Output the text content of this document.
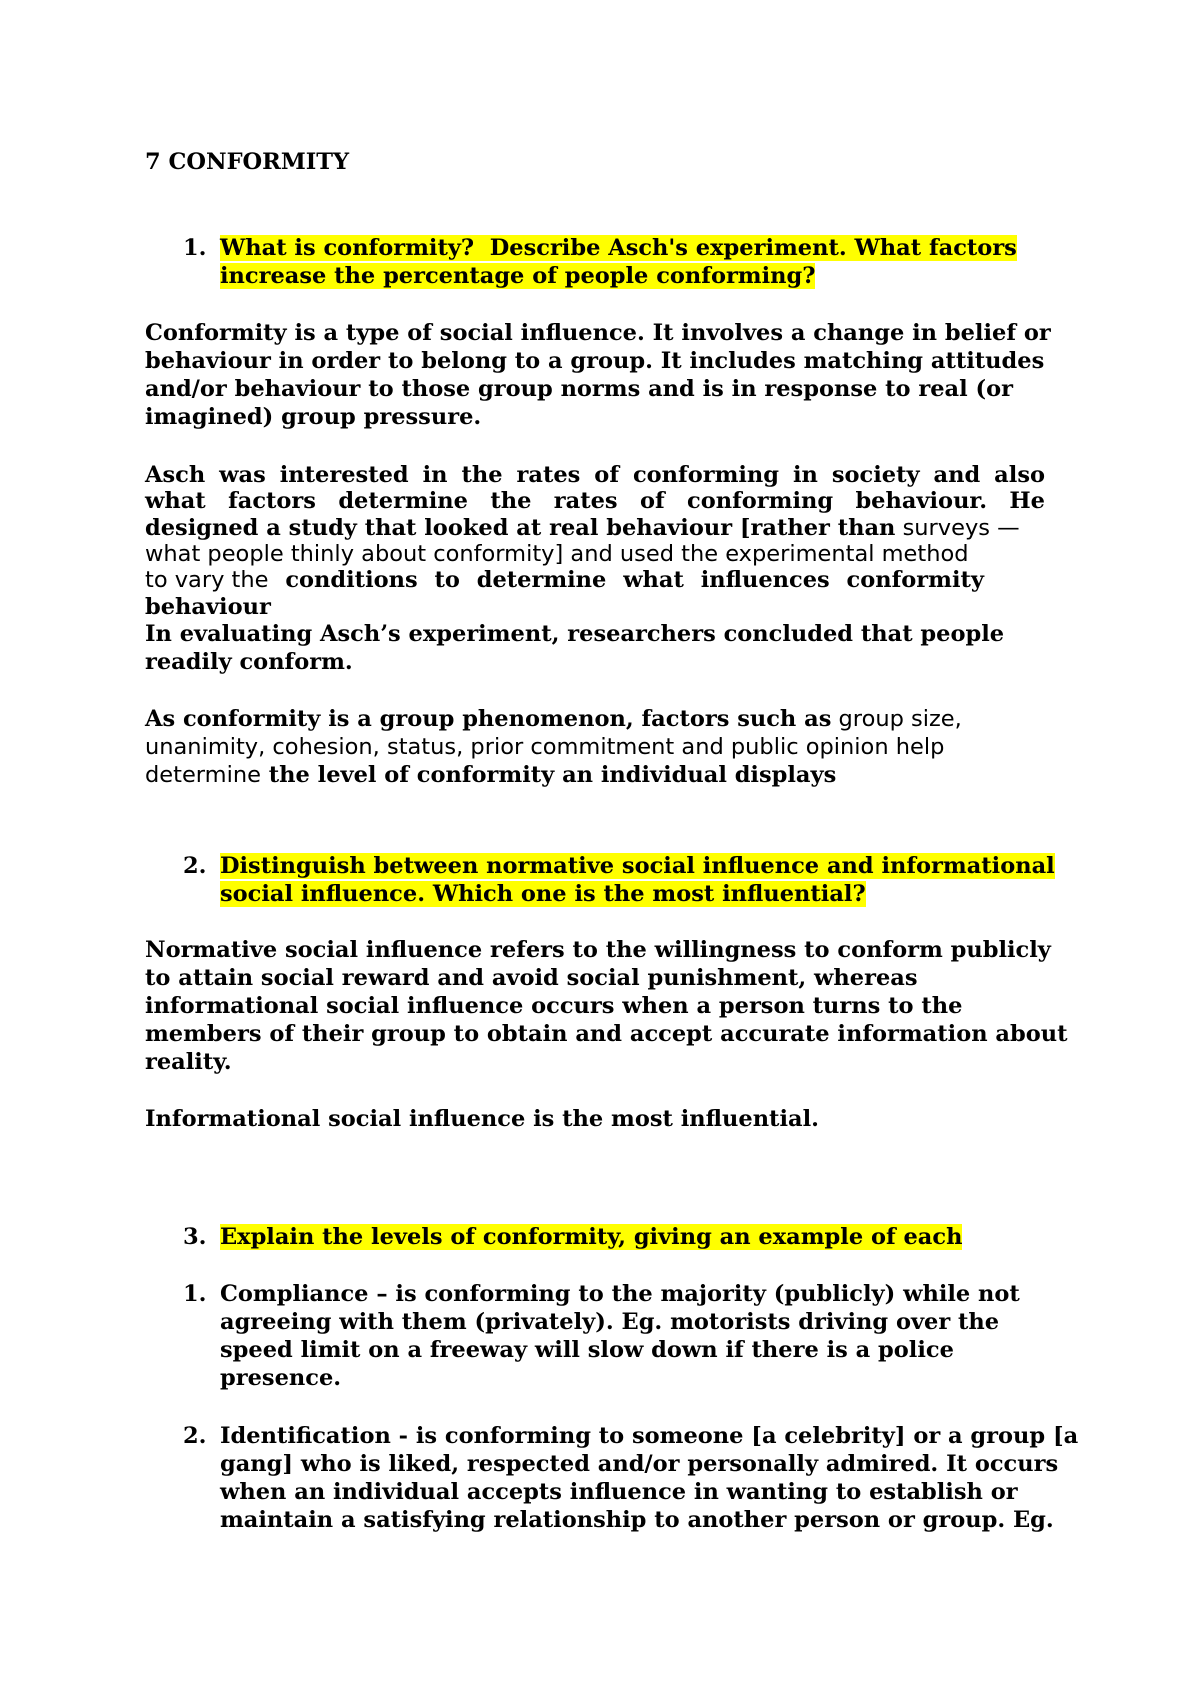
7 CONFORMITY
1. What is conformity?  Describe Asch's experiment. What factors
increase the percentage of people conforming?
Conformity is a type of social influence. It involves a change in belief or
behaviour in order to belong to a group. It includes matching attitudes
and/or behaviour to those group norms and is in response to real (or
imagined) group pressure.
Asch was interested in the rates of conforming in society and also
what factors determine the rates of conforming behaviour. He
designed a study that looked at real behaviour [rather than surveys —
what people thinly about conformity] and used the experimental method
to vary the conditions to determine what influences conformity
behaviour
In evaluating Asch’s experiment, researchers concluded that people
readily conform.
As conformity is a group phenomenon, factors such as group size,
unanimity, cohesion, status, prior commitment and public opinion help
determine the level of conformity an individual displays
2. Distinguish between normative social influence and informational
social influence. Which one is the most influential?
Normative social influence refers to the willingness to conform publicly
to attain social reward and avoid social punishment, whereas
informational social influence occurs when a person turns to the
members of their group to obtain and accept accurate information about
reality.
Informational social influence is the most influential.
3. Explain the levels of conformity, giving an example of each
1. Compliance – is conforming to the majority (publicly) while not
agreeing with them (privately). Eg. motorists driving over the
speed limit on a freeway will slow down if there is a police
presence.
2. Identification - is conforming to someone [a celebrity] or a group [a
gang] who is liked, respected and/or personally admired. It occurs
when an individual accepts influence in wanting to establish or
maintain a satisfying relationship to another person or group. Eg.
